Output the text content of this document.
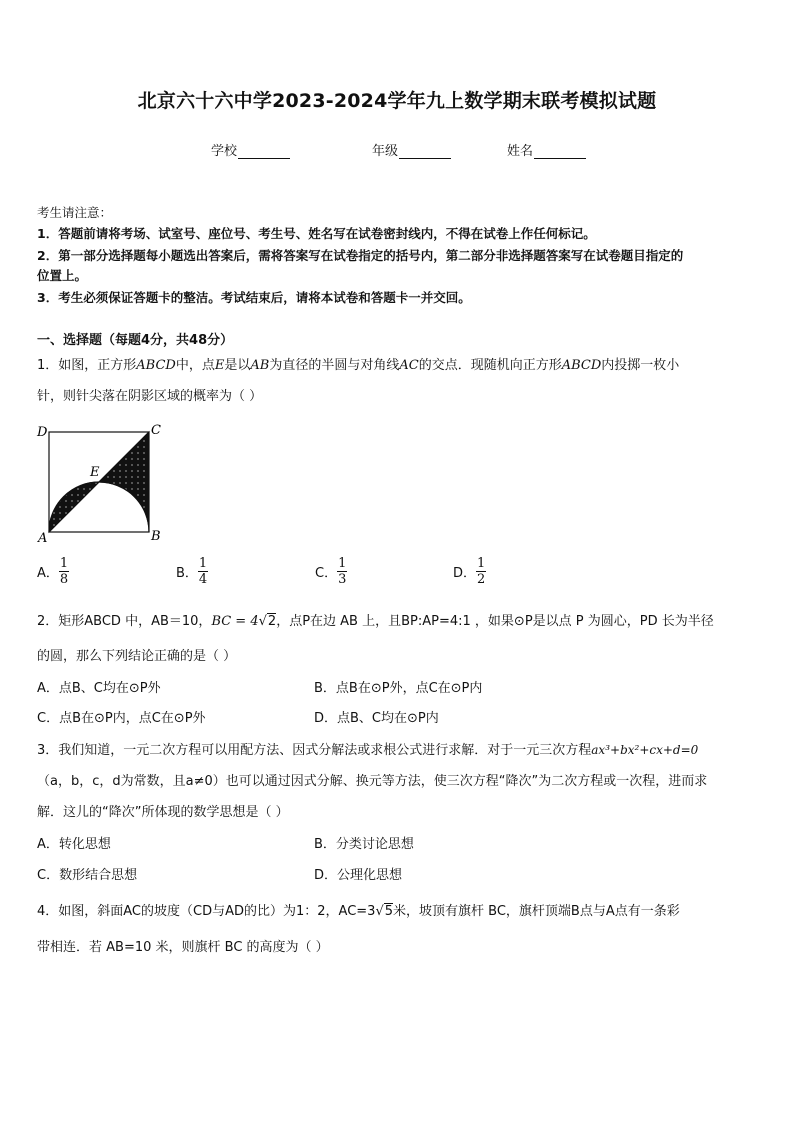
北京六十六中学2023-2024学年九上数学期末联考模拟试题
学校	年级	姓名
考生请注意：
1．答题前请将考场、试室号、座位号、考生号、姓名写在试卷密封线内，不得在试卷上作任何标记。
2．第一部分选择题每小题选出答案后，需将答案写在试卷指定的括号内，第二部分非选择题答案写在试卷题目指定的
位置上。
3．考生必须保证答题卡的整洁。考试结束后，请将本试卷和答题卡一并交回。
一、选择题（每题4分，共48分）
1．如图，正方形ABCD中，点E是以AB为直径的半圆与对角线AC的交点．现随机向正方形ABCD内投掷一枚小
针，则针尖落在阴影区域的概率为（ ）
D	C
E
A	B
A． $\frac{1}{8}$	B． $\frac{1}{4}$	C． $\frac{1}{3}$	D． $\frac{1}{2}$
2．矩形ABCD 中，AB＝10，BC = 4√2，点P在边 AB 上，且BP:AP=4:1 ，如果⊙P是以点 P 为圆心，PD 长为半径
的圆，那么下列结论正确的是（ ）
A．点B、C均在⊙P外	B．点B在⊙P外，点C在⊙P内
C．点B在⊙P内，点C在⊙P外	D．点B、C均在⊙P内
3．我们知道，一元二次方程可以用配方法、因式分解法或求根公式进行求解．对于一元三次方程ax³+bx²+cx+d=0
（a，b，c，d为常数，且a≠0）也可以通过因式分解、换元等方法，使三次方程“降次”为二次方程或一次程，进而求
解．这儿的“降次”所体现的数学思想是（ ）
A．转化思想	B．分类讨论思想
C．数形结合思想	D．公理化思想
4．如图，斜面AC的坡度（CD与AD的比）为1：2，AC=3√5米，坡顶有旗杆 BC，旗杆顶端B点与A点有一条彩
带相连．若 AB=10 米，则旗杆 BC 的高度为（ ）
